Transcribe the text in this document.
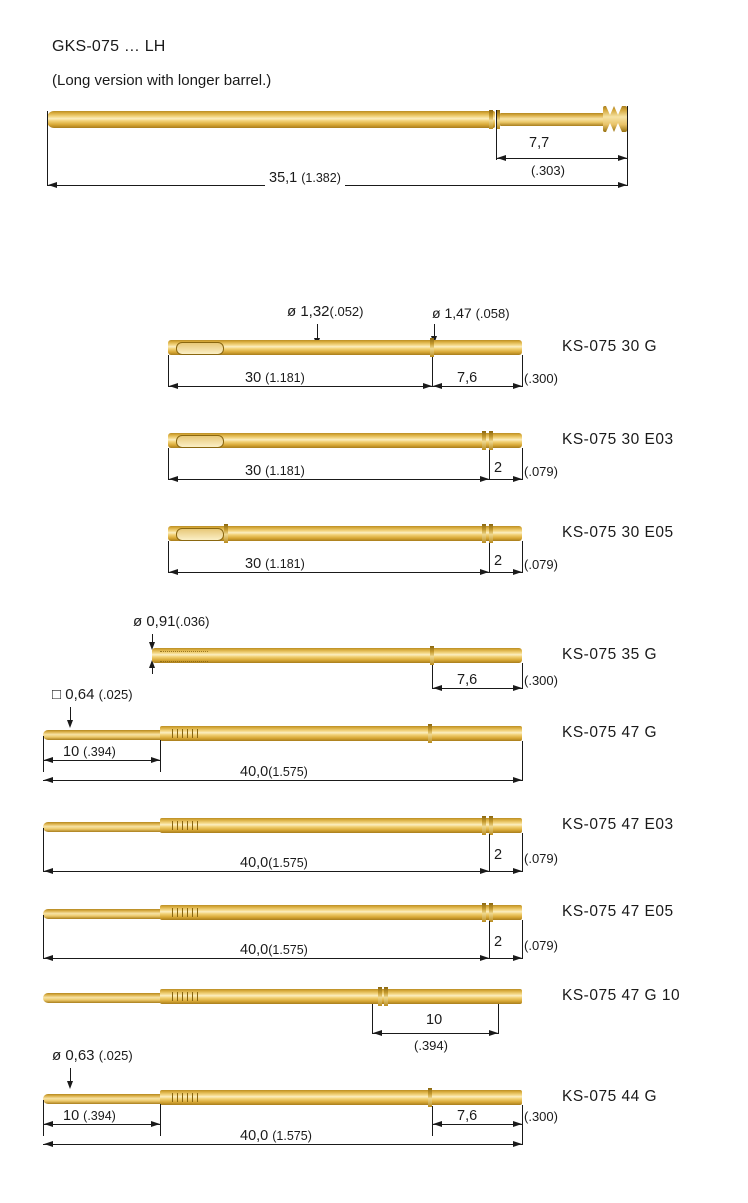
GKS-075 … LH
(Long version with longer barrel.)
7,7
(.303)
35,1 (1.382)
ø 1,32(.052)	ø 1,47 (.058)
KS-075 30 G
30 (1.181)	7,6	(.300)
KS-075 30 E03
30 (1.181)	2 (.079)
KS-075 30 E05
30 (1.181)	2 (.079)
ø 0,91(.036)
KS-075 35 G
7,6	(.300)
□ 0,64 (.025)
KS-075 47 G
10 (.394)
40,0(1.575)
KS-075 47 E03
40,0(1.575)	2 (.079)
KS-075 47 E05
40,0(1.575)	2 (.079)
KS-075 47 G 10
10
(.394)
ø 0,63 (.025)
KS-075 44 G
10 (.394)	7,6	(.300)
40,0 (1.575)
